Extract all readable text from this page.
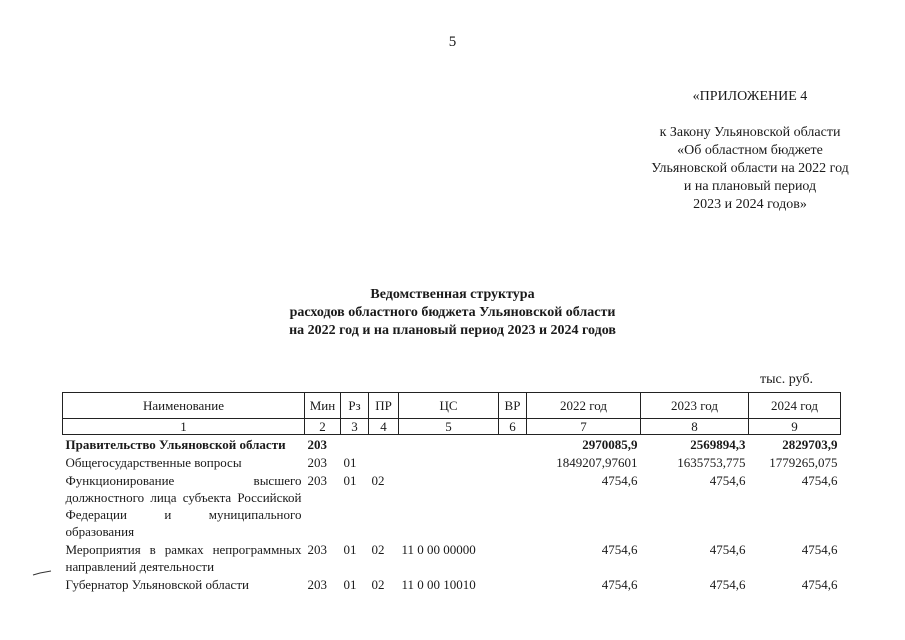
5
«ПРИЛОЖЕНИЕ 4
к Закону Ульяновской области
«Об областном бюджете
Ульяновской области на 2022 год
и на плановый период
2023 и 2024 годов»
Ведомственная структура
расходов областного бюджета Ульяновской области
на 2022 год и на плановый период 2023 и 2024 годов
тыс. руб.
Наименование	Мин	Рз	ПР	ЦС	ВР	2022 год	2023 год	2024 год
1	2	3	4	5	6	7	8	9
Правительство Ульяновской области	203					2970085,9	2569894,3	2829703,9
Общегосударственные вопросы	203	01				1849207,97601	1635753,775	1779265,075
Функционирование высшего должностного лица субъекта Российской Федерации и муниципального образования	203	01	02			4754,6	4754,6	4754,6
Мероприятия в рамках непрограммных направлений деятельности	203	01	02	11 0 00 00000		4754,6	4754,6	4754,6
Губернатор Ульяновской области	203	01	02	11 0 00 10010		4754,6	4754,6	4754,6
